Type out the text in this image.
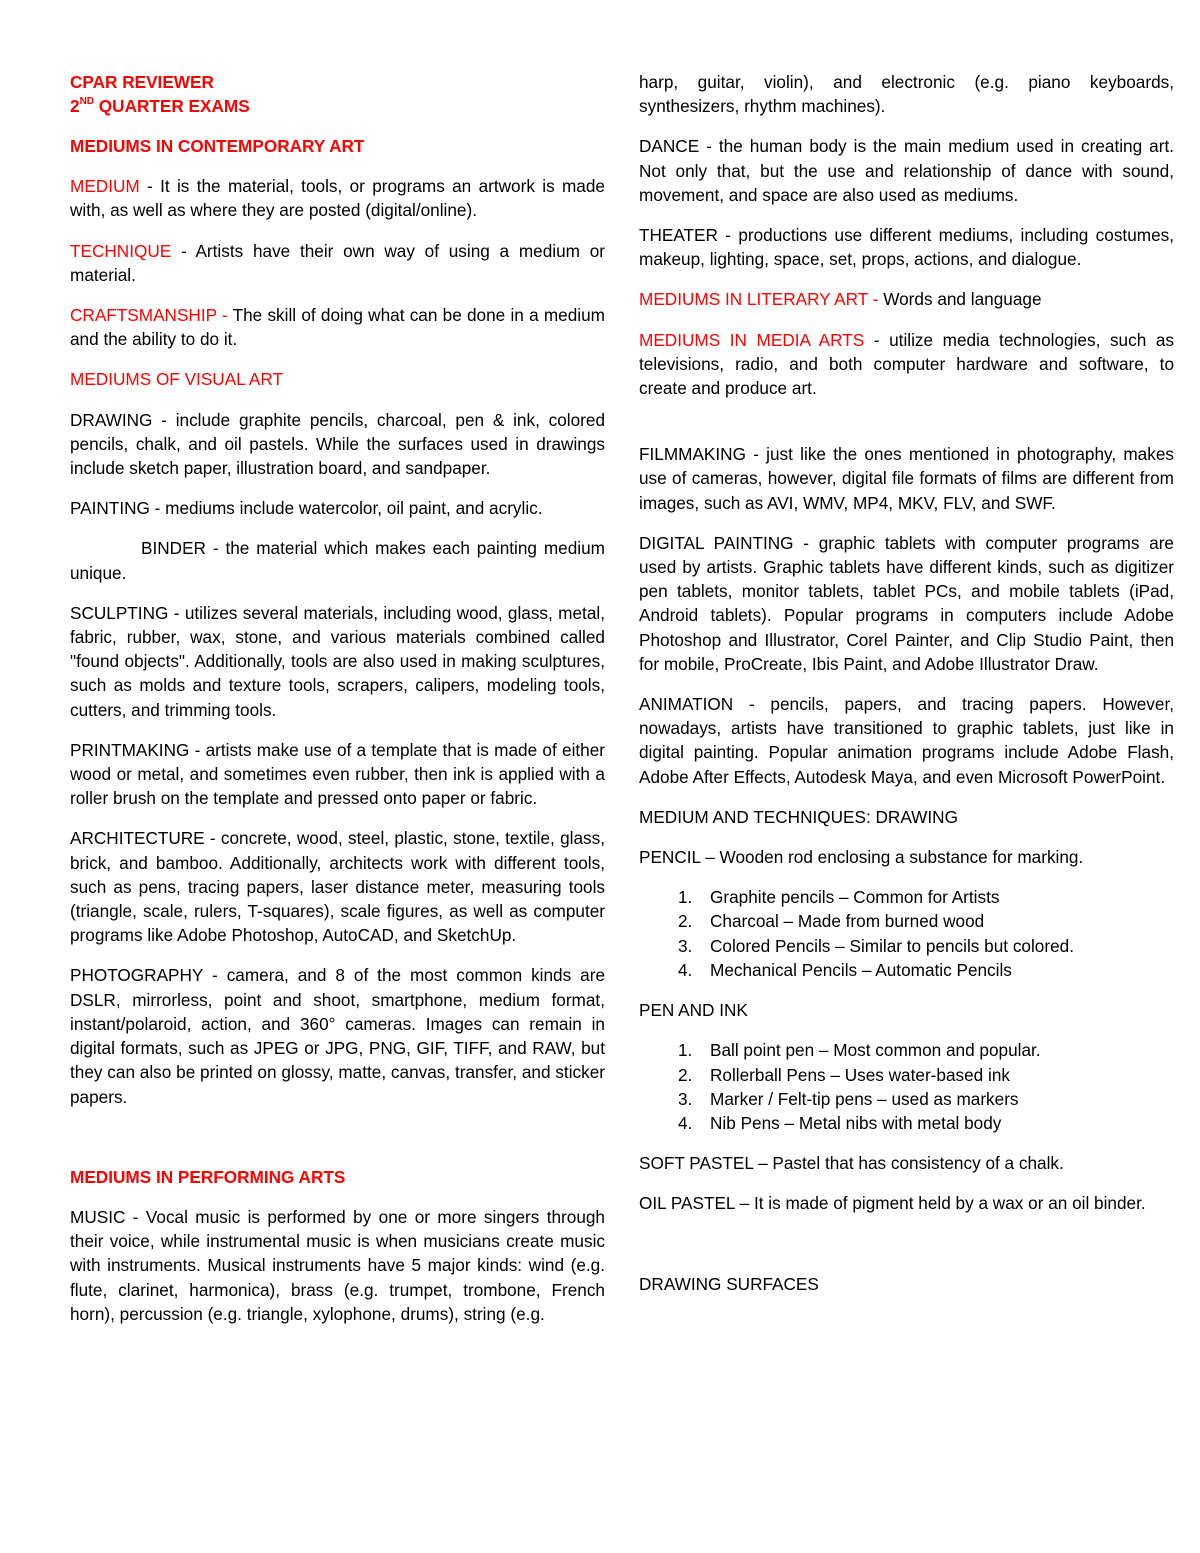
CPAR REVIEWER
2ND QUARTER EXAMS

MEDIUMS IN CONTEMPORARY ART

MEDIUM - It is the material, tools, or programs an artwork is made with, as well as where they are posted (digital/online).

TECHNIQUE - Artists have their own way of using a medium or material.

CRAFTSMANSHIP - The skill of doing what can be done in a medium and the ability to do it.

MEDIUMS OF VISUAL ART

DRAWING - include graphite pencils, charcoal, pen & ink, colored pencils, chalk, and oil pastels. While the surfaces used in drawings include sketch paper, illustration board, and sandpaper.

PAINTING - mediums include watercolor, oil paint, and acrylic.

BINDER - the material which makes each painting medium unique.

SCULPTING - utilizes several materials, including wood, glass, metal, fabric, rubber, wax, stone, and various materials combined called "found objects". Additionally, tools are also used in making sculptures, such as molds and texture tools, scrapers, calipers, modeling tools, cutters, and trimming tools.

PRINTMAKING - artists make use of a template that is made of either wood or metal, and sometimes even rubber, then ink is applied with a roller brush on the template and pressed onto paper or fabric.

ARCHITECTURE - concrete, wood, steel, plastic, stone, textile, glass, brick, and bamboo. Additionally, architects work with different tools, such as pens, tracing papers, laser distance meter, measuring tools (triangle, scale, rulers, T-squares), scale figures, as well as computer programs like Adobe Photoshop, AutoCAD, and SketchUp.

PHOTOGRAPHY - camera, and 8 of the most common kinds are DSLR, mirrorless, point and shoot, smartphone, medium format, instant/polaroid, action, and 360° cameras. Images can remain in digital formats, such as JPEG or JPG, PNG, GIF, TIFF, and RAW, but they can also be printed on glossy, matte, canvas, transfer, and sticker papers.

MEDIUMS IN PERFORMING ARTS

MUSIC - Vocal music is performed by one or more singers through their voice, while instrumental music is when musicians create music with instruments. Musical instruments have 5 major kinds: wind (e.g. flute, clarinet, harmonica), brass (e.g. trumpet, trombone, French horn), percussion (e.g. triangle, xylophone, drums), string (e.g.

harp, guitar, violin), and electronic (e.g. piano keyboards, synthesizers, rhythm machines).

DANCE - the human body is the main medium used in creating art. Not only that, but the use and relationship of dance with sound, movement, and space are also used as mediums.

THEATER - productions use different mediums, including costumes, makeup, lighting, space, set, props, actions, and dialogue.

MEDIUMS IN LITERARY ART - Words and language

MEDIUMS IN MEDIA ARTS - utilize media technologies, such as televisions, radio, and both computer hardware and software, to create and produce art.

FILMMAKING - just like the ones mentioned in photography, makes use of cameras, however, digital file formats of films are different from images, such as AVI, WMV, MP4, MKV, FLV, and SWF.

DIGITAL PAINTING - graphic tablets with computer programs are used by artists. Graphic tablets have different kinds, such as digitizer pen tablets, monitor tablets, tablet PCs, and mobile tablets (iPad, Android tablets). Popular programs in computers include Adobe Photoshop and Illustrator, Corel Painter, and Clip Studio Paint, then for mobile, ProCreate, Ibis Paint, and Adobe Illustrator Draw.

ANIMATION - pencils, papers, and tracing papers. However, nowadays, artists have transitioned to graphic tablets, just like in digital painting. Popular animation programs include Adobe Flash, Adobe After Effects, Autodesk Maya, and even Microsoft PowerPoint.

MEDIUM AND TECHNIQUES: DRAWING

PENCIL – Wooden rod enclosing a substance for marking.

1.	Graphite pencils – Common for Artists
2.	Charcoal – Made from burned wood
3.	Colored Pencils – Similar to pencils but colored.
4.	Mechanical Pencils – Automatic Pencils

PEN AND INK

1.	Ball point pen – Most common and popular.
2.	Rollerball Pens – Uses water-based ink
3.	Marker / Felt-tip pens – used as markers
4.	Nib Pens – Metal nibs with metal body

SOFT PASTEL – Pastel that has consistency of a chalk.

OIL PASTEL – It is made of pigment held by a wax or an oil binder.

DRAWING SURFACES
